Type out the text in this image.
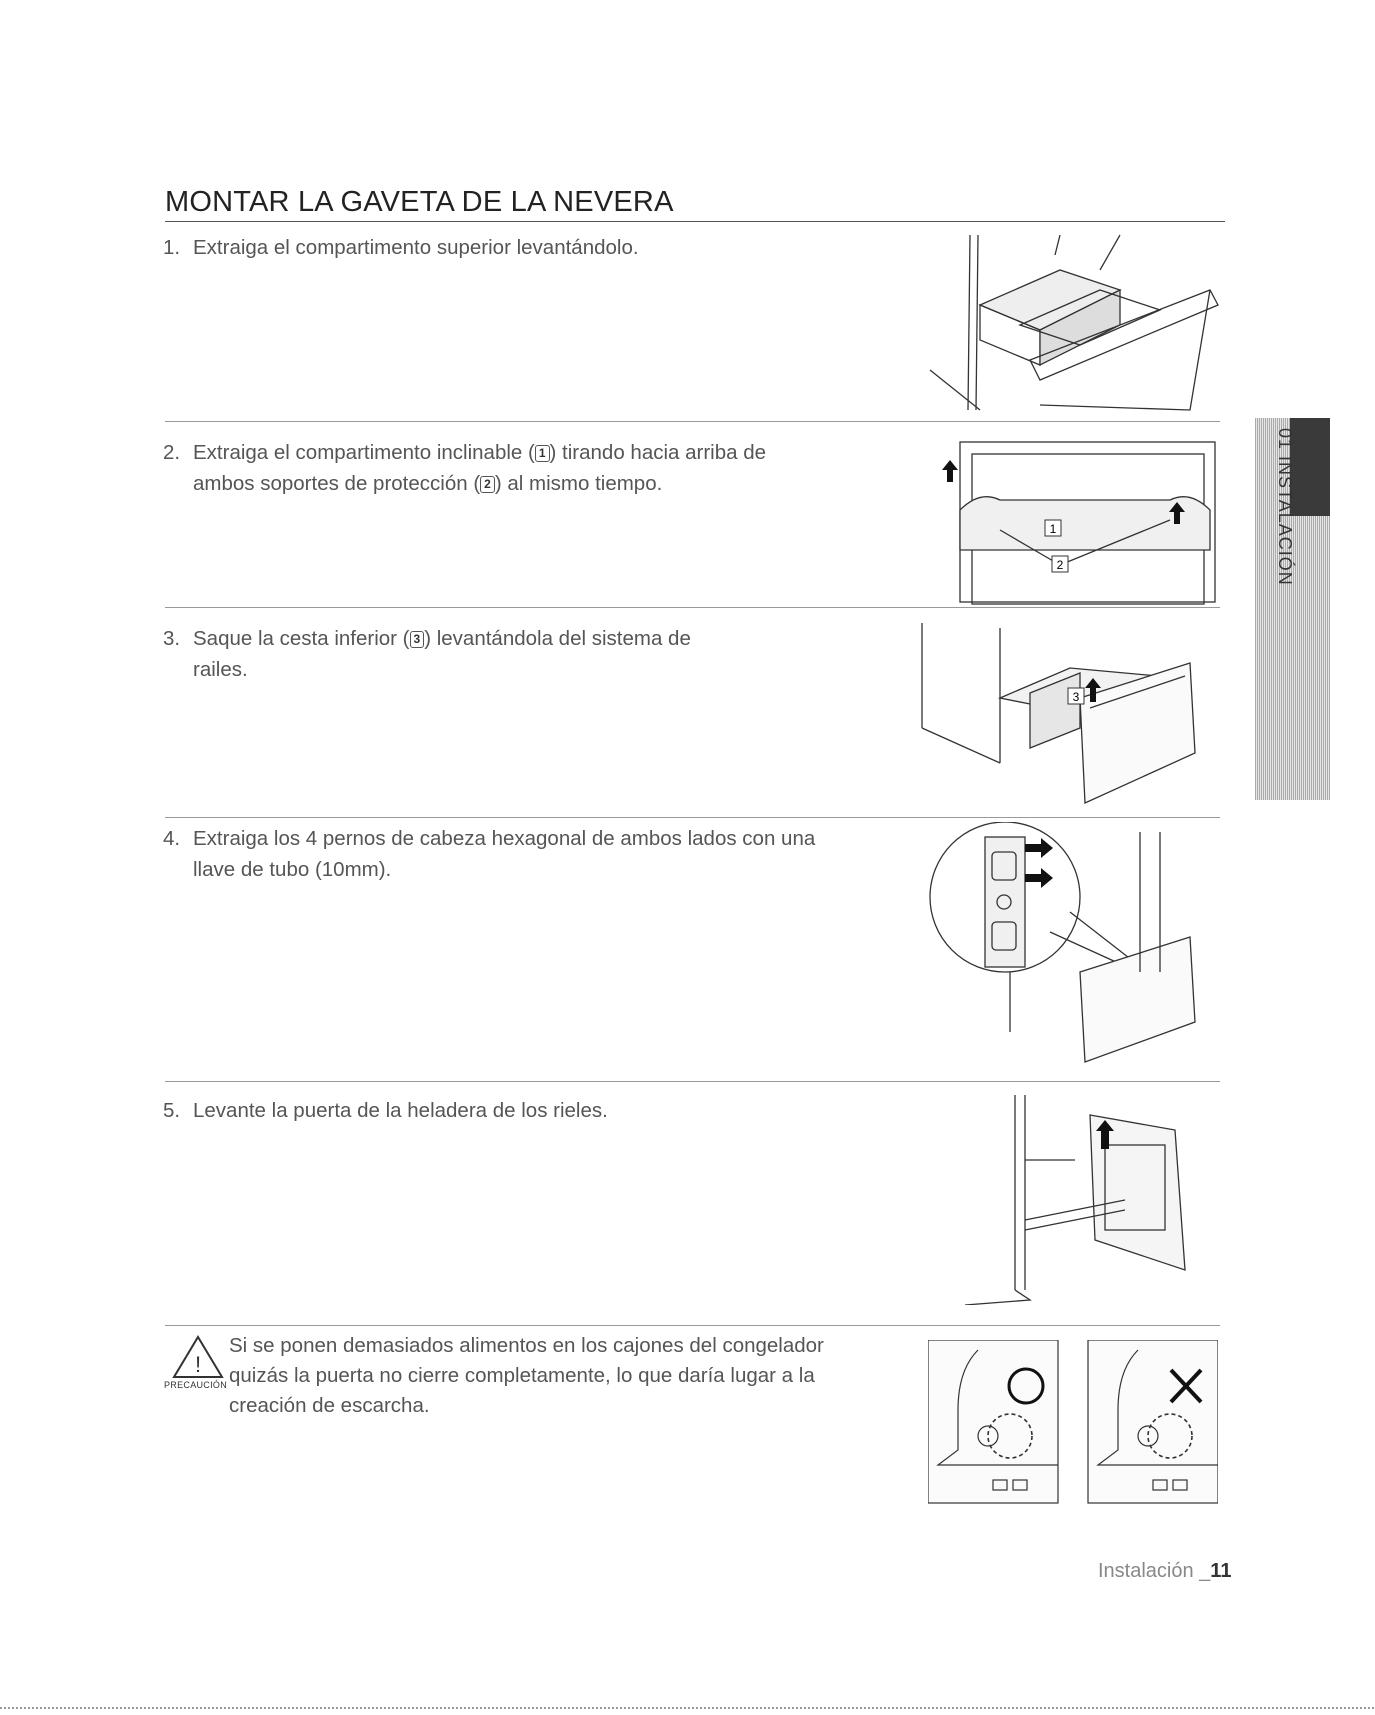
MONTAR LA GAVETA DE LA NEVERA
1. Extraiga el compartimento superior levantándolo.
2. Extraiga el compartimento inclinable ( 1 ) tirando hacia arriba de
ambos soportes de protección ( 2 ) al mismo tiempo.
1
2
3. Saque la cesta inferior ( 3 ) levantándola del sistema de
railes.
3
4. Extraiga los 4 pernos de cabeza hexagonal de ambos lados con una
llave de tubo (10mm).
5. Levante la puerta de la heladera de los rieles.
!
PRECAUCIÓN
Si se ponen demasiados alimentos en los cajones del congelador
quizás la puerta no cierre completamente, lo que daría lugar a la
creación de escarcha.
01 INSTALACIÓN
Instalación _11
